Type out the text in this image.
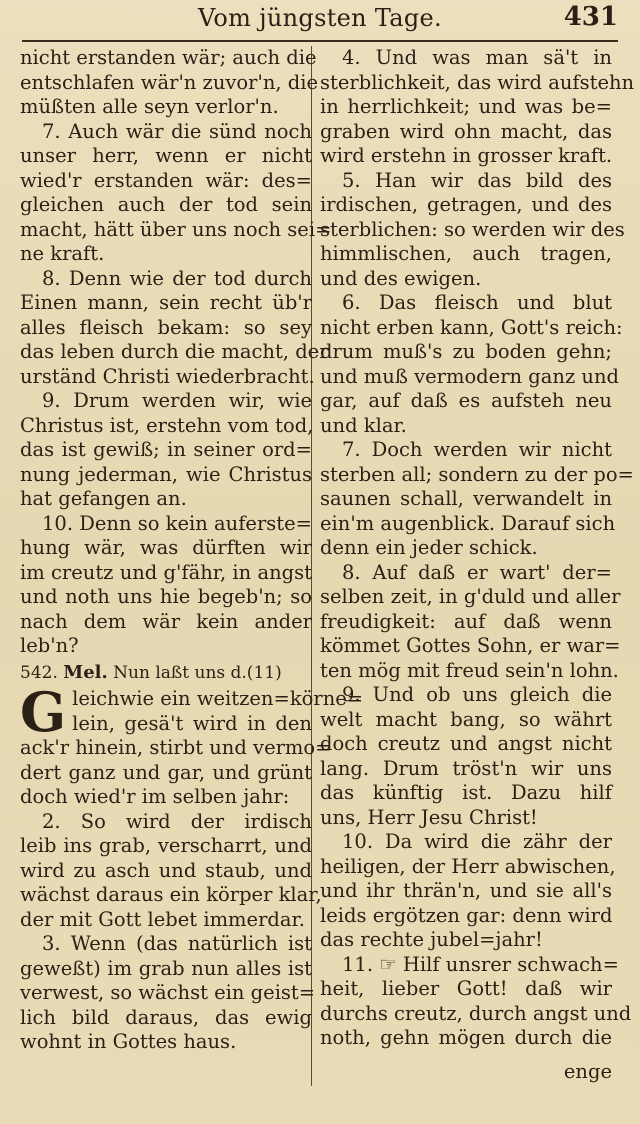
Vom jüngsten Tage.	431
nicht erstanden wär; auch die
entschlafen wär'n zuvor'n, die
müßten alle seyn verlor'n.
7. Auch wär die sünd noch
unser herr, wenn er nicht
wied'r erstanden wär: des=
gleichen auch der tod sein
macht, hätt über uns noch sei=
ne kraft.
8. Denn wie der tod durch
Einen mann, sein recht üb'r
alles fleisch bekam: so sey
das leben durch die macht, der
urständ Christi wiederbracht.
9. Drum werden wir, wie
Christus ist, erstehn vom tod,
das ist gewiß; in seiner ord=
nung jederman, wie Christus
hat gefangen an.
10. Denn so kein auferste=
hung wär, was dürften wir
im creutz und g'fähr, in angst
und noth uns hie begeb'n; so
nach dem wär kein ander
leb'n?
542. Mel. Nun laßt uns d.(11)
G leichwie ein weitzen=körne=
lein, gesä't wird in den
ack'r hinein, stirbt und vermo=
dert ganz und gar, und grünt
doch wied'r im selben jahr:
2. So wird der irdisch
leib ins grab, verscharrt, und
wird zu asch und staub, und
wächst daraus ein körper klar,
der mit Gott lebet immerdar.
3. Wenn (das natürlich ist
geweßt) im grab nun alles ist
verwest, so wächst ein geist=
lich bild daraus, das ewig
wohnt in Gottes haus.
4. Und was man sä't in
sterblichkeit, das wird aufstehn
in herrlichkeit; und was be=
graben wird ohn macht, das
wird erstehn in grosser kraft.
5. Han wir das bild des
irdischen, getragen, und des
sterblichen: so werden wir des
himmlischen, auch tragen,
und des ewigen.
6. Das fleisch und blut
nicht erben kann, Gott's reich:
drum muß's zu boden gehn;
und muß vermodern ganz und
gar, auf daß es aufsteh neu
und klar.
7. Doch werden wir nicht
sterben all; sondern zu der po=
saunen schall, verwandelt in
ein'm augenblick. Darauf sich
denn ein jeder schick.
8. Auf daß er wart' der=
selben zeit, in g'duld und aller
freudigkeit: auf daß wenn
kömmet Gottes Sohn, er war=
ten mög mit freud sein'n lohn.
9. Und ob uns gleich die
welt macht bang, so währt
doch creutz und angst nicht
lang. Drum tröst'n wir uns
das künftig ist. Dazu hilf
uns, Herr Jesu Christ!
10. Da wird die zähr der
heiligen, der Herr abwischen,
und ihr thrän'n, und sie all's
leids ergötzen gar: denn wird
das rechte jubel=jahr!
11. ☞ Hilf unsrer schwach=
heit, lieber Gott! daß wir
durchs creutz, durch angst und
noth, gehn mögen durch die
enge
